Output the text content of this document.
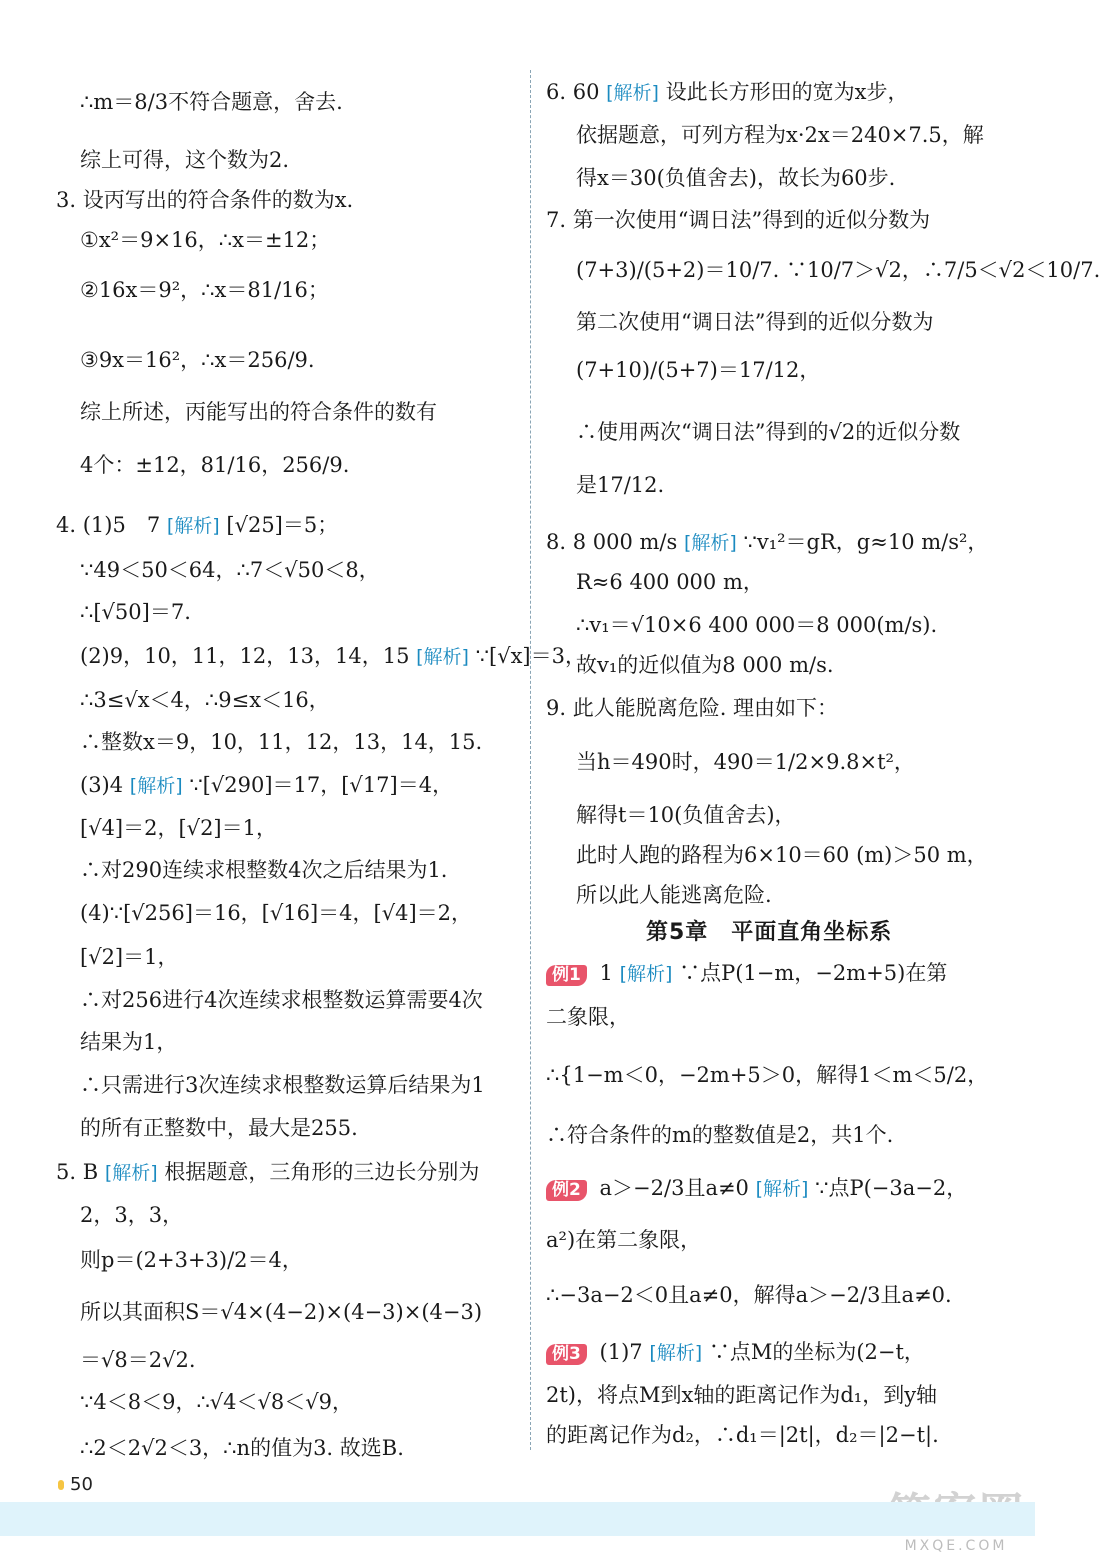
∴m＝8/3不符合题意，舍去.
综上可得，这个数为2.
3. 设丙写出的符合条件的数为x.
①x²＝9×16，∴x＝±12；
②16x＝9²，∴x＝81/16；
③9x＝16²，∴x＝256/9.
综上所述，丙能写出的符合条件的数有
4个：±12，81/16，256/9.
4. (1)5　7 [解析] [√25]＝5；
∵49＜50＜64，∴7＜√50＜8，
∴[√50]＝7.
(2)9，10，11，12，13，14，15 [解析] ∵[√x]＝3，
∴3≤√x＜4，∴9≤x＜16，
∴整数x＝9，10，11，12，13，14，15.
(3)4 [解析] ∵[√290]＝17，[√17]＝4，
[√4]＝2，[√2]＝1，
∴对290连续求根整数4次之后结果为1.
(4)∵[√256]＝16，[√16]＝4，[√4]＝2，
[√2]＝1，
∴对256进行4次连续求根整数运算需要4次
结果为1，
∴只需进行3次连续求根整数运算后结果为1
的所有正整数中，最大是255.
5. B [解析] 根据题意，三角形的三边长分别为
2，3，3，
则p＝(2+3+3)/2＝4，
所以其面积S＝√4×(4−2)×(4−3)×(4−3)
＝√8＝2√2.
∵4＜8＜9，∴√4＜√8＜√9，
∴2＜2√2＜3，∴n的值为3. 故选B.
6. 60 [解析] 设此长方形田的宽为x步，
依据题意，可列方程为x·2x＝240×7.5，解
得x＝30(负值舍去)，故长为60步.
7. 第一次使用“调日法”得到的近似分数为
(7+3)/(5+2)＝10/7. ∵10/7＞√2，∴7/5＜√2＜10/7.
第二次使用“调日法”得到的近似分数为
(7+10)/(5+7)＝17/12，
∴使用两次“调日法”得到的√2的近似分数
是17/12.
8. 8 000 m/s [解析] ∵v₁²＝gR，g≈10 m/s²，
R≈6 400 000 m，
∴v₁＝√10×6 400 000＝8 000(m/s).
故v₁的近似值为8 000 m/s.
9. 此人能脱离危险. 理由如下：
当h＝490时，490＝1/2×9.8×t²，
解得t＝10(负值舍去)，
此时人跑的路程为6×10＝60 (m)＞50 m，
所以此人能逃离危险.
第5章　平面直角坐标系
例1 1 [解析] ∵点P(1−m，−2m+5)在第
二象限，
∴{1−m＜0，−2m+5＞0，解得1＜m＜5/2，
∴符合条件的m的整数值是2，共1个.
例2 a＞−2/3且a≠0 [解析] ∵点P(−3a−2，
a²)在第二象限，
∴−3a−2＜0且a≠0，解得a＞−2/3且a≠0.
例3 (1)7 [解析] ∵点M的坐标为(2−t，
2t)，将点M到x轴的距离记作为d₁，到y轴
的距离记作为d₂，∴d₁＝|2t|，d₂＝|2−t|.
50
MXQE.COM
